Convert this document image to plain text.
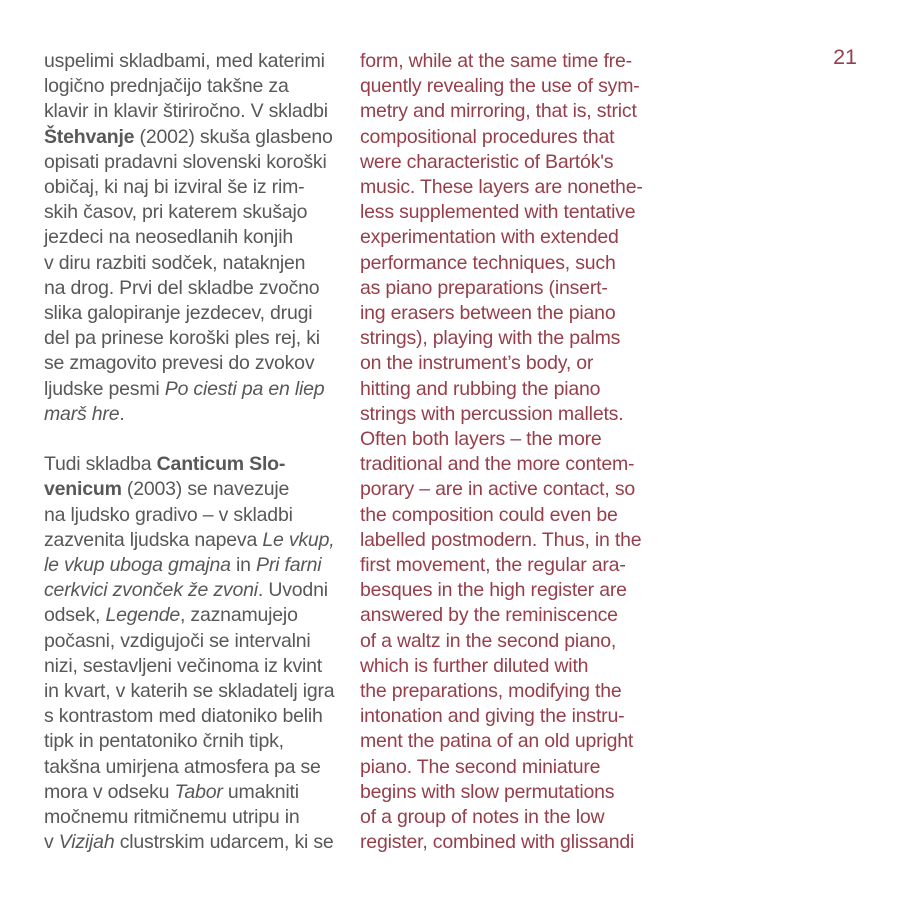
21
uspelimi skladbami, med katerimi
logično prednjačijo takšne za
klavir in klavir štiriročno. V skladbi
Štehvanje (2002) skuša glasbeno
opisati pradavni slovenski koroški
običaj, ki naj bi izviral še iz rim-
skih časov, pri katerem skušajo
jezdeci na neosedlanih konjih
v diru razbiti sodček, nataknjen
na drog. Prvi del skladbe zvočno
slika galopiranje jezdecev, drugi
del pa prinese koroški ples rej, ki
se zmagovito prevesi do zvokov
ljudske pesmi Po ciesti pa en liep
marš hre.
Tudi skladba Canticum Slo-
venicum (2003) se navezuje
na ljudsko gradivo – v skladbi
zazvenita ljudska napeva Le vkup,
le vkup uboga gmajna in Pri farni
cerkvici zvonček že zvoni. Uvodni
odsek, Legende, zaznamujejo
počasni, vzdigujoči se intervalni
nizi, sestavljeni večinoma iz kvint
in kvart, v katerih se skladatelj igra
s kontrastom med diatoniko belih
tipk in pentatoniko črnih tipk,
takšna umirjena atmosfera pa se
mora v odseku Tabor umakniti
močnemu ritmičnemu utripu in
v Vizijah clustrskim udarcem, ki se
form, while at the same time fre-
quently revealing the use of sym-
metry and mirroring, that is, strict
compositional procedures that
were characteristic of Bartók's
music. These layers are nonethe-
less supplemented with tentative
experimentation with extended
performance techniques, such
as piano preparations (insert-
ing erasers between the piano
strings), playing with the palms
on the instrument’s body, or
hitting and rubbing the piano
strings with percussion mallets.
Often both layers – the more
traditional and the more contem-
porary – are in active contact, so
the composition could even be
labelled postmodern. Thus, in the
first movement, the regular ara-
besques in the high register are
answered by the reminiscence
of a waltz in the second piano,
which is further diluted with
the preparations, modifying the
intonation and giving the instru-
ment the patina of an old upright
piano. The second miniature
begins with slow permutations
of a group of notes in the low
register, combined with glissandi
